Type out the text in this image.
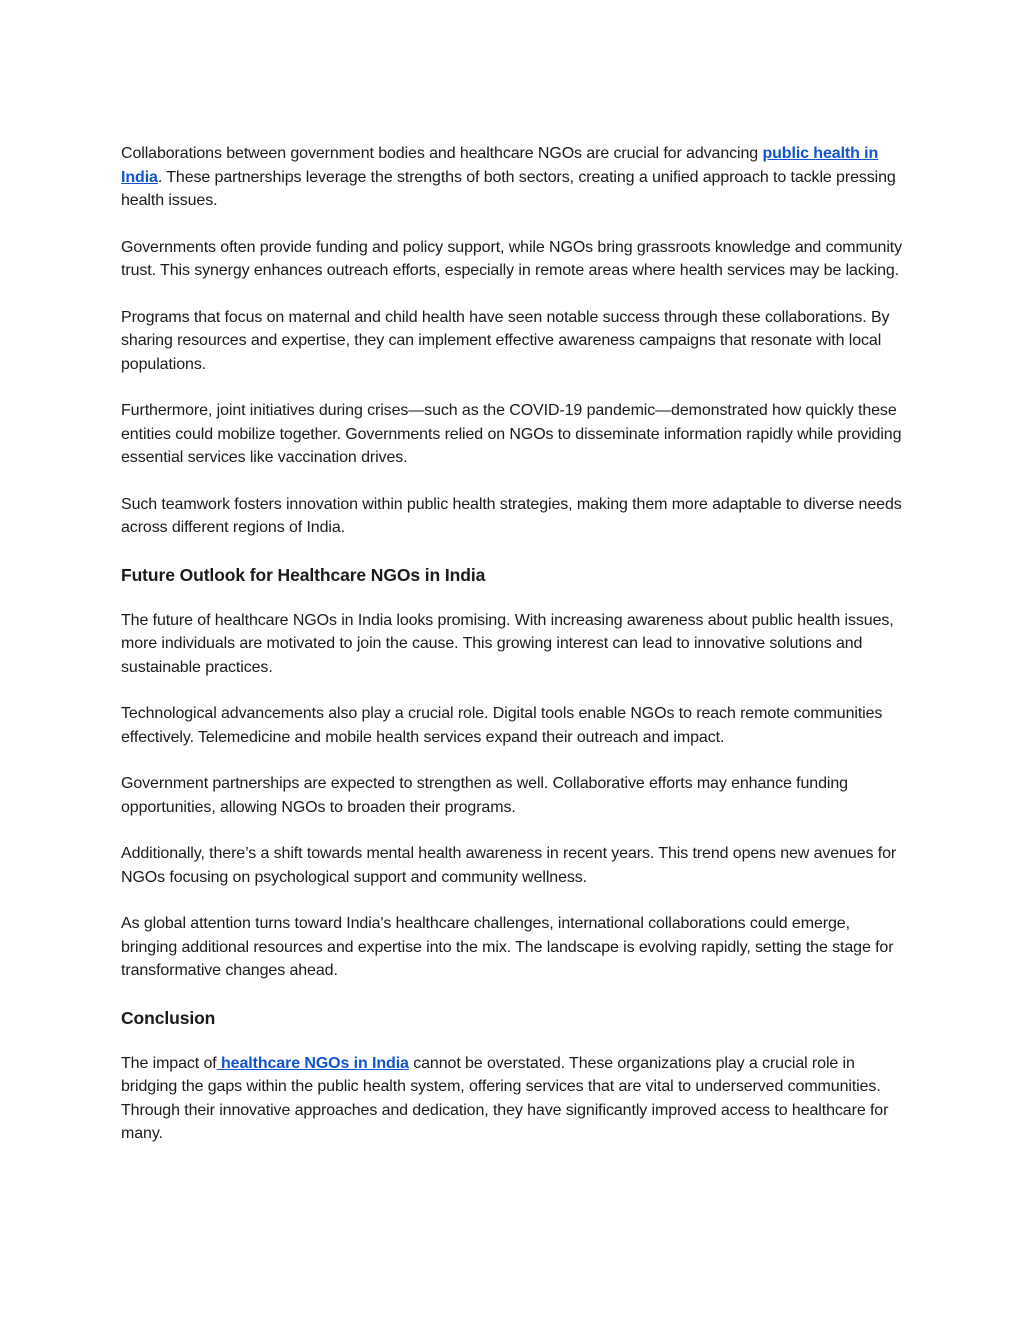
Collaborations between government bodies and healthcare NGOs are crucial for advancing public health in India. These partnerships leverage the strengths of both sectors, creating a unified approach to tackle pressing health issues.

Governments often provide funding and policy support, while NGOs bring grassroots knowledge and community trust. This synergy enhances outreach efforts, especially in remote areas where health services may be lacking.

Programs that focus on maternal and child health have seen notable success through these collaborations. By sharing resources and expertise, they can implement effective awareness campaigns that resonate with local populations.

Furthermore, joint initiatives during crises—such as the COVID-19 pandemic—demonstrated how quickly these entities could mobilize together. Governments relied on NGOs to disseminate information rapidly while providing essential services like vaccination drives.

Such teamwork fosters innovation within public health strategies, making them more adaptable to diverse needs across different regions of India.

Future Outlook for Healthcare NGOs in India

The future of healthcare NGOs in India looks promising. With increasing awareness about public health issues, more individuals are motivated to join the cause. This growing interest can lead to innovative solutions and sustainable practices.

Technological advancements also play a crucial role. Digital tools enable NGOs to reach remote communities effectively. Telemedicine and mobile health services expand their outreach and impact.

Government partnerships are expected to strengthen as well. Collaborative efforts may enhance funding opportunities, allowing NGOs to broaden their programs.

Additionally, there’s a shift towards mental health awareness in recent years. This trend opens new avenues for NGOs focusing on psychological support and community wellness.

As global attention turns toward India's healthcare challenges, international collaborations could emerge, bringing additional resources and expertise into the mix. The landscape is evolving rapidly, setting the stage for transformative changes ahead.

Conclusion

The impact of healthcare NGOs in India cannot be overstated. These organizations play a crucial role in bridging the gaps within the public health system, offering services that are vital to underserved communities. Through their innovative approaches and dedication, they have significantly improved access to healthcare for many.
